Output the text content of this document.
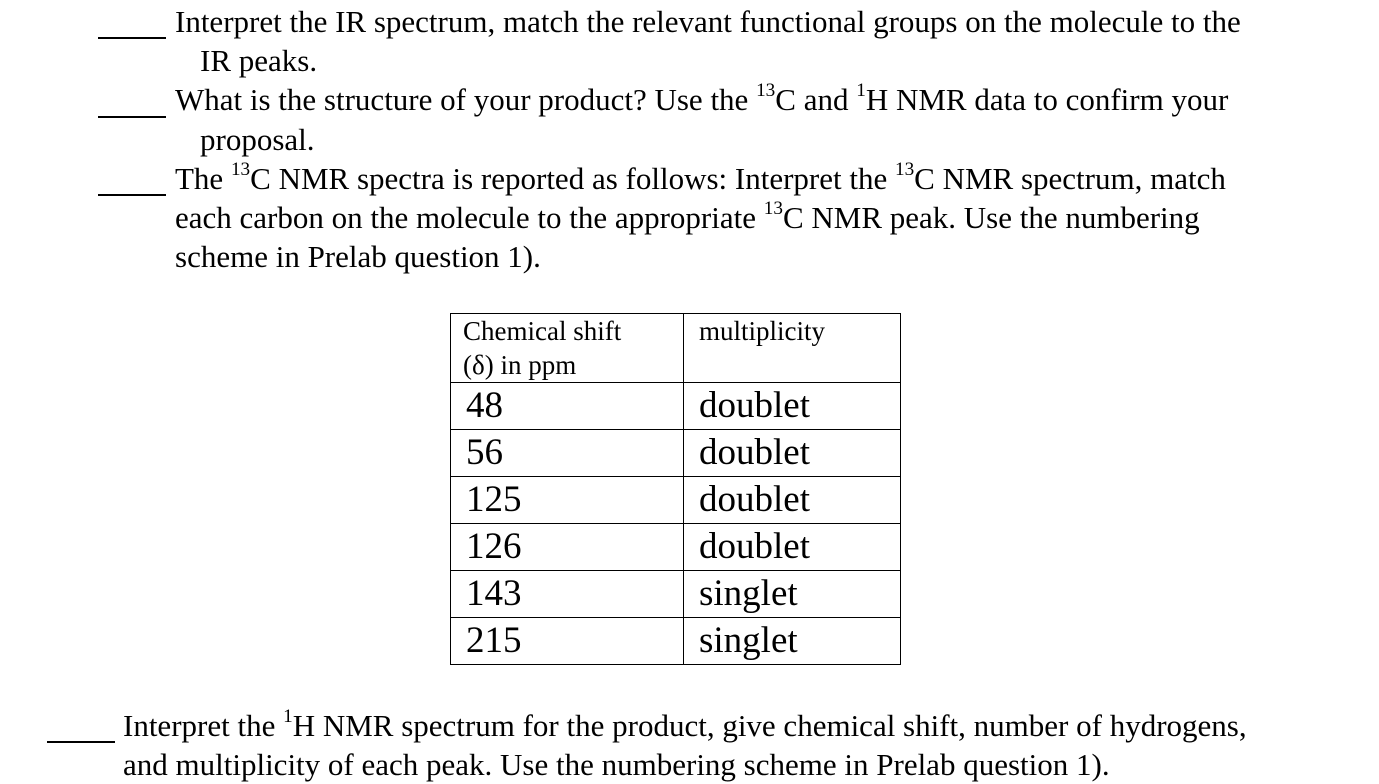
Interpret the IR spectrum, match the relevant functional groups on the molecule to the
IR peaks.
What is the structure of your product? Use the $^{13}$C and $^1$H NMR data to confirm your
proposal.
The $^{13}$C NMR spectra is reported as follows: Interpret the $^{13}$C NMR spectrum, match
each carbon on the molecule to the appropriate $^{13}$C NMR peak. Use the numbering
scheme in Prelab question 1).
Chemical shift
(δ) in ppm	multiplicity
48	doublet
56	doublet
125	doublet
126	doublet
143	singlet
215	singlet
Interpret the $^1$H NMR spectrum for the product, give chemical shift, number of hydrogens,
and multiplicity of each peak. Use the numbering scheme in Prelab question 1).
